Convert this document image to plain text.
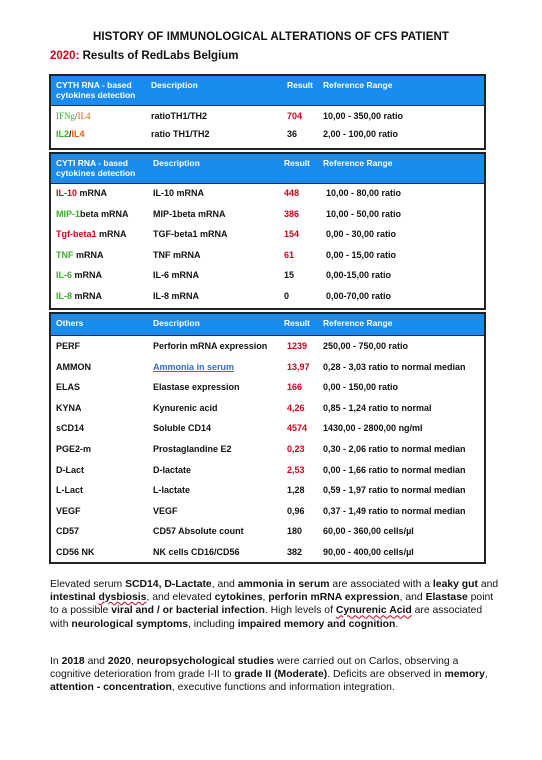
HISTORY OF IMMUNOLOGICAL ALTERATIONS OF CFS PATIENT
2020: Results of RedLabs Belgium
CYTH RNA - based cytokines detection
Description	Result Reference Range
IFNg/IL4	ratioTH1/TH2	704 10,00 - 350,00 ratio
IL2/IL4	ratio TH1/TH2	36	2,00 - 100,00 ratio
CYTI RNA - based cytokines detection
Description	Result Reference Range
IL-10 mRNA	IL-10 mRNA	448	10,00 - 80,00 ratio
MIP-1beta mRNA	MIP-1beta mRNA	386	10,00 - 50,00 ratio
Tgf-beta1 mRNA	TGF-beta1 mRNA	154	0,00 - 30,00 ratio
TNF mRNA	TNF mRNA	61	0,00 - 15,00 ratio
IL-6 mRNA	IL-6 mRNA	15	0,00-15,00 ratio
IL-8 mRNA	IL-8 mRNA	0	0,00-70,00 ratio
Others	Description	Result Reference Range
PERF	Perforin mRNA expression 1239 250,00 - 750,00 ratio
AMMON	Ammonia in serum	13,97 0,28 - 3,03 ratio to normal median
ELAS	Elastase expression	166 0,00 - 150,00 ratio
KYNA	Kynurenic acid	4,26 0,85 - 1,24 ratio to normal
sCD14	Soluble CD14	4574 1430,00 - 2800,00 ng/ml
PGE2-m	Prostaglandine E2	0,23 0,30 - 2,06 ratio to normal median
D-Lact	D-lactate	2,53 0,00 - 1,66 ratio to normal median
L-Lact	L-lactate	1,28 0,59 - 1,97 ratio to normal median
VEGF	VEGF	0,96 0,37 - 1,49 ratio to normal median
CD57	CD57 Absolute count	180 60,00 - 360,00 cells/µl
CD56 NK	NK cells CD16/CD56	382 90,00 - 400,00 cells/µl
Elevated serum SCD14, D-Lactate, and ammonia in serum are associated with a leaky gut and intestinal dysbiosis, and elevated cytokines, perforin mRNA expression, and Elastase point to a possible viral and / or bacterial infection. High levels of Cynurenic Acid are associated with neurological symptoms, including impaired memory and cognition.
In 2018 and 2020, neuropsychological studies were carried out on Carlos, observing a cognitive deterioration from grade I-II to grade II (Moderate). Deficits are observed in memory, attention - concentration, executive functions and information integration.
